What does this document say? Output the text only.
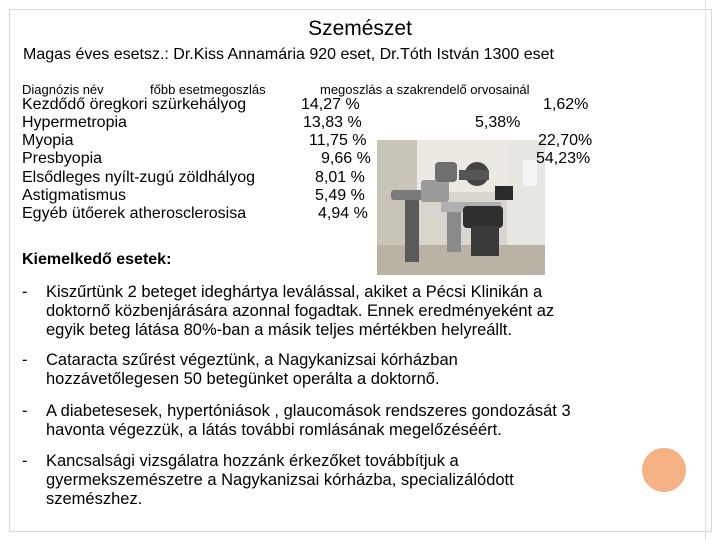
Szemészet
Magas éves esetsz.: Dr.Kiss Annamária 920 eset, Dr.Tóth István 1300 eset
Diagnózis név	főbb esetmegoszlás	megoszlás a szakrendelő orvosainál
Kezdődő öregkori szürkehályog
Hypermetropia
Myopia
Presbyopia
Elsődleges nyílt-zugú zöldhályog
Astigmatismus
Egyéb ütőerek atherosclerosisa
14,27 %
13,83 %
11,75 %
9,66 %
8,01 %
5,49 %
4,94 %
1,62%
5,38%
22,70%
54,23%
Kiemelkedő esetek:
- Kiszűrtünk 2 beteget ideghártya leválással, akiket a Pécsi Klinikán a
doktornő közbenjárására azonnal fogadtak. Ennek eredményeként az
egyik beteg látása 80%-ban a másik teljes mértékben helyreállt.
- Cataracta szűrést végeztünk, a Nagykanizsai kórházban
hozzávetőlegesen 50 betegünket operálta a doktornő.
- A diabetesesek, hypertóniások , glaucomások rendszeres gondozását 3
havonta végezzük, a látás további romlásának megelőzéséért.
- Kancsalsági vizsgálatra hozzánk érkezőket továbbítjuk a
gyermekszemészetre a Nagykanizsai kórházba, specializálódott
szemészhez.
